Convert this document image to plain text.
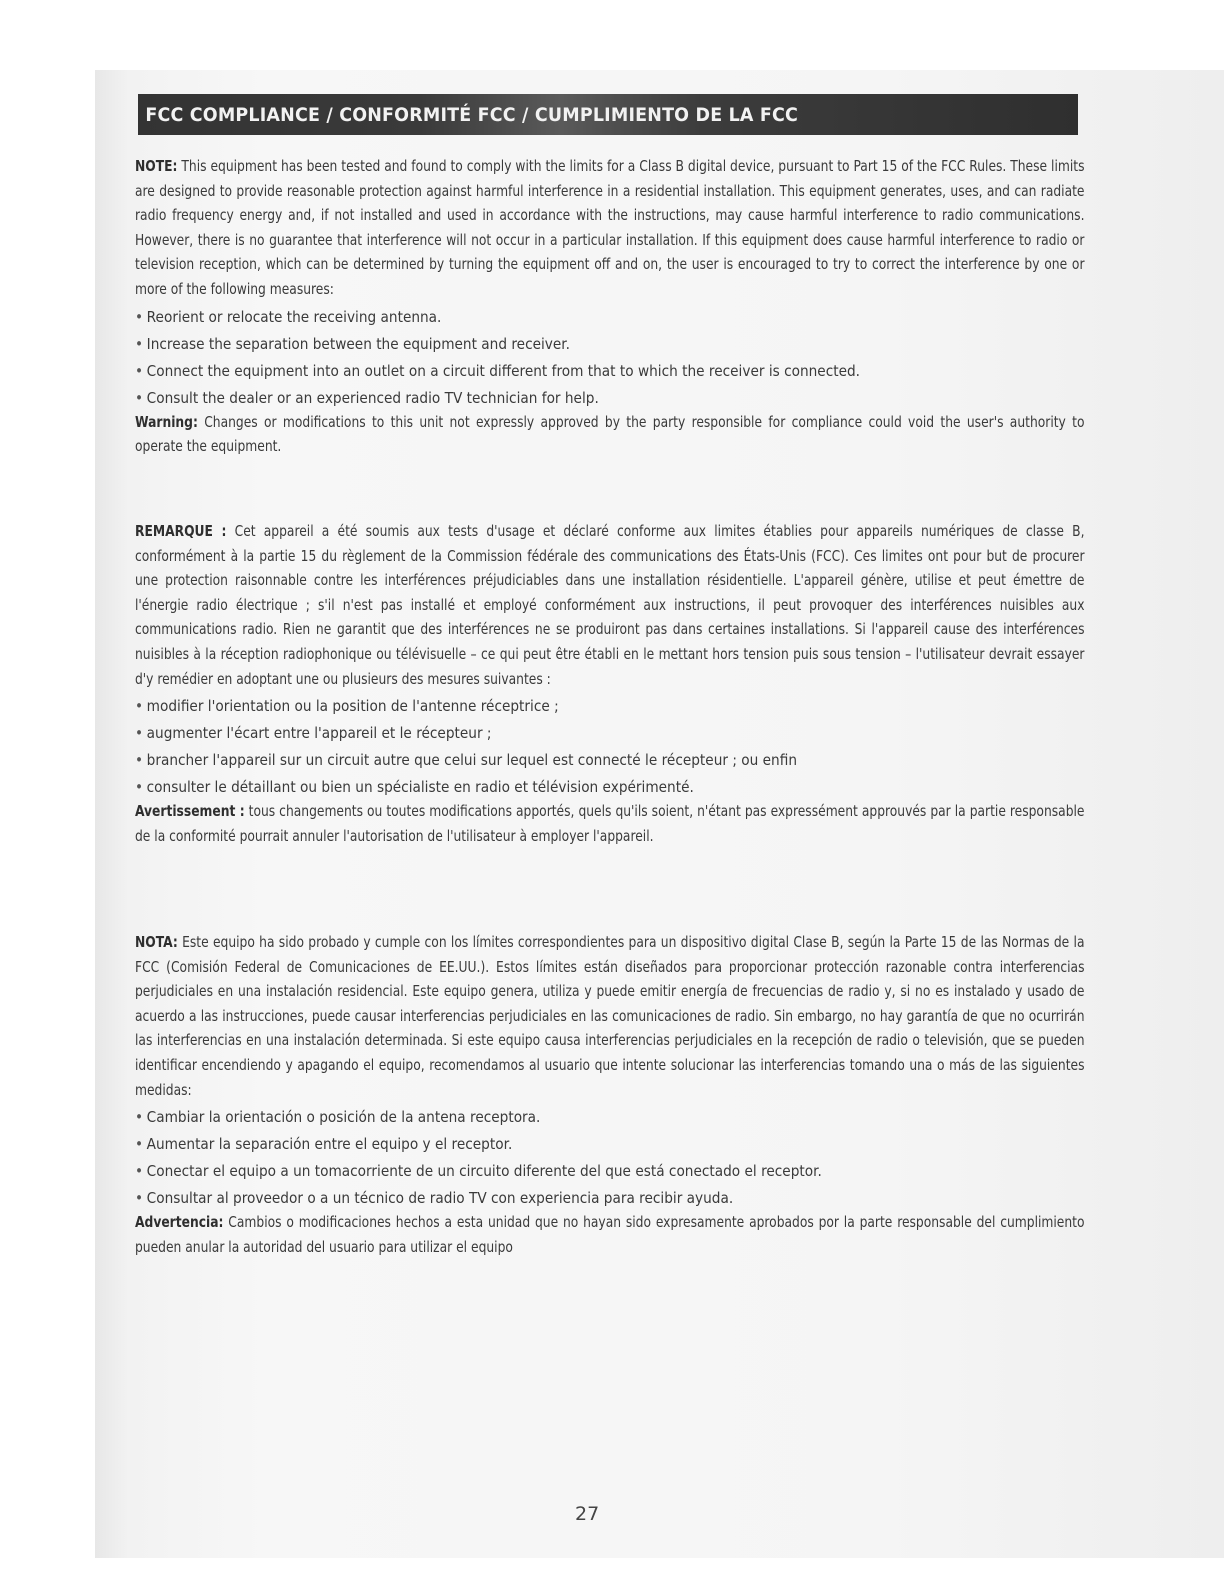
FCC COMPLIANCE / CONFORMITÉ FCC / CUMPLIMIENTO DE LA FCC

NOTE: This equipment has been tested and found to comply with the limits for a Class B digital device, pursuant to Part 15 of the FCC Rules. These limits are designed to provide reasonable protection against harmful interference in a residential installation. This equipment generates, uses, and can radiate radio frequency energy and, if not installed and used in accordance with the instructions, may cause harmful interference to radio communications. However, there is no guarantee that interference will not occur in a particular installation. If this equipment does cause harmful interference to radio or television reception, which can be determined by turning the equipment off and on, the user is encouraged to try to correct the interference by one or more of the following measures:

• Reorient or relocate the receiving antenna.
• Increase the separation between the equipment and receiver.
• Connect the equipment into an outlet on a circuit different from that to which the receiver is connected.
• Consult the dealer or an experienced radio TV technician for help.

Warning: Changes or modifications to this unit not expressly approved by the party responsible for compliance could void the user's authority to operate the equipment.

REMARQUE : Cet appareil a été soumis aux tests d'usage et déclaré conforme aux limites établies pour appareils numériques de classe B, conformément à la partie 15 du règlement de la Commission fédérale des communications des États-Unis (FCC). Ces limites ont pour but de procurer une protection raisonnable contre les interférences préjudiciables dans une installation résidentielle. L'appareil génère, utilise et peut émettre de l'énergie radio électrique ; s'il n'est pas installé et employé conformément aux instructions, il peut provoquer des interférences nuisibles aux communications radio. Rien ne garantit que des interférences ne se produiront pas dans certaines installations. Si l'appareil cause des interférences nuisibles à la réception radiophonique ou télévisuelle – ce qui peut être établi en le mettant hors tension puis sous tension – l'utilisateur devrait essayer d'y remédier en adoptant une ou plusieurs des mesures suivantes :

• modifier l'orientation ou la position de l'antenne réceptrice ;
• augmenter l'écart entre l'appareil et le récepteur ;
• brancher l'appareil sur un circuit autre que celui sur lequel est connecté le récepteur ; ou enfin
• consulter le détaillant ou bien un spécialiste en radio et télévision expérimenté.

Avertissement : tous changements ou toutes modifications apportés, quels qu'ils soient, n'étant pas expressément approuvés par la partie responsable de la conformité pourrait annuler l'autorisation de l'utilisateur à employer l'appareil.

NOTA: Este equipo ha sido probado y cumple con los límites correspondientes para un dispositivo digital Clase B, según la Parte 15 de las Normas de la FCC (Comisión Federal de Comunicaciones de EE.UU.). Estos límites están diseñados para proporcionar protección razonable contra interferencias perjudiciales en una instalación residencial. Este equipo genera, utiliza y puede emitir energía de frecuencias de radio y, si no es instalado y usado de acuerdo a las instrucciones, puede causar interferencias perjudiciales en las comunicaciones de radio. Sin embargo, no hay garantía de que no ocurrirán las interferencias en una instalación determinada. Si este equipo causa interferencias perjudiciales en la recepción de radio o televisión, que se pueden identificar encendiendo y apagando el equipo, recomendamos al usuario que intente solucionar las interferencias tomando una o más de las siguientes medidas:

• Cambiar la orientación o posición de la antena receptora.
• Aumentar la separación entre el equipo y el receptor.
• Conectar el equipo a un tomacorriente de un circuito diferente del que está conectado el receptor.
• Consultar al proveedor o a un técnico de radio TV con experiencia para recibir ayuda.

Advertencia: Cambios o modificaciones hechos a esta unidad que no hayan sido expresamente aprobados por la parte responsable del cumplimiento pueden anular la autoridad del usuario para utilizar el equipo

27
